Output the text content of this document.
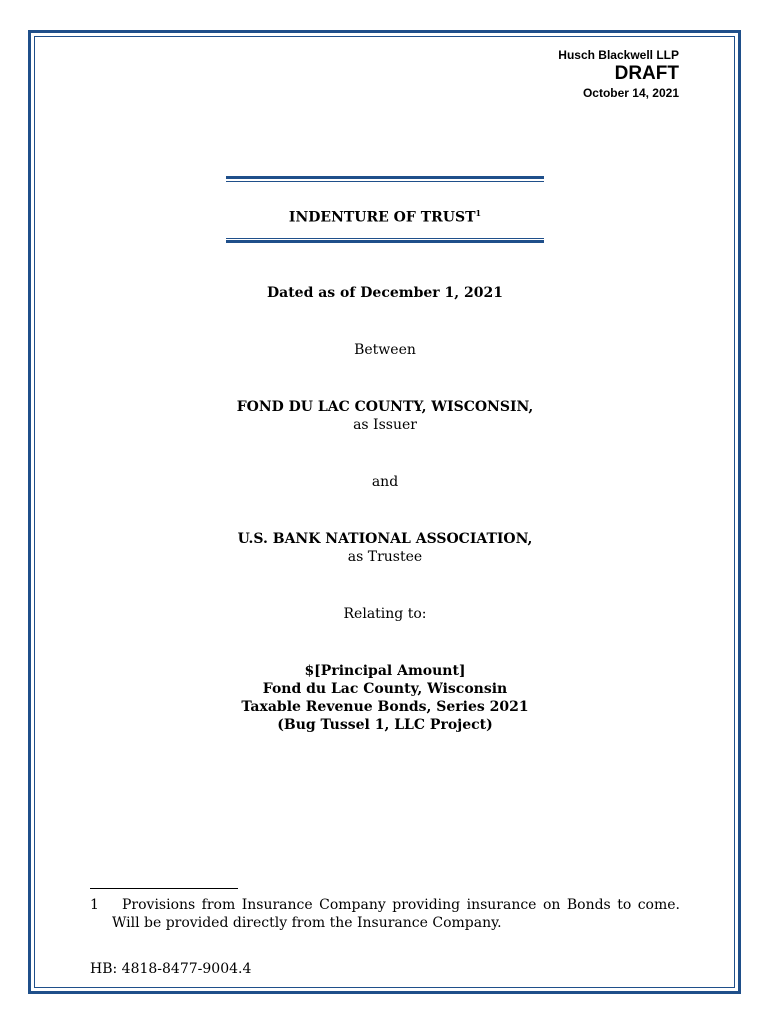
Husch Blackwell LLP
DRAFT
October 14, 2021
INDENTURE OF TRUST$^1$
Dated as of December 1, 2021
Between
FOND DU LAC COUNTY, WISCONSIN,
as Issuer
and
U.S. BANK NATIONAL ASSOCIATION,
as Trustee
Relating to:
$[Principal Amount]
Fond du Lac County, Wisconsin
Taxable Revenue Bonds, Series 2021
(Bug Tussel 1, LLC Project)
1	Provisions from Insurance Company providing insurance on Bonds to come. Will be provided directly from the Insurance Company.
HB: 4818-8477-9004.4
